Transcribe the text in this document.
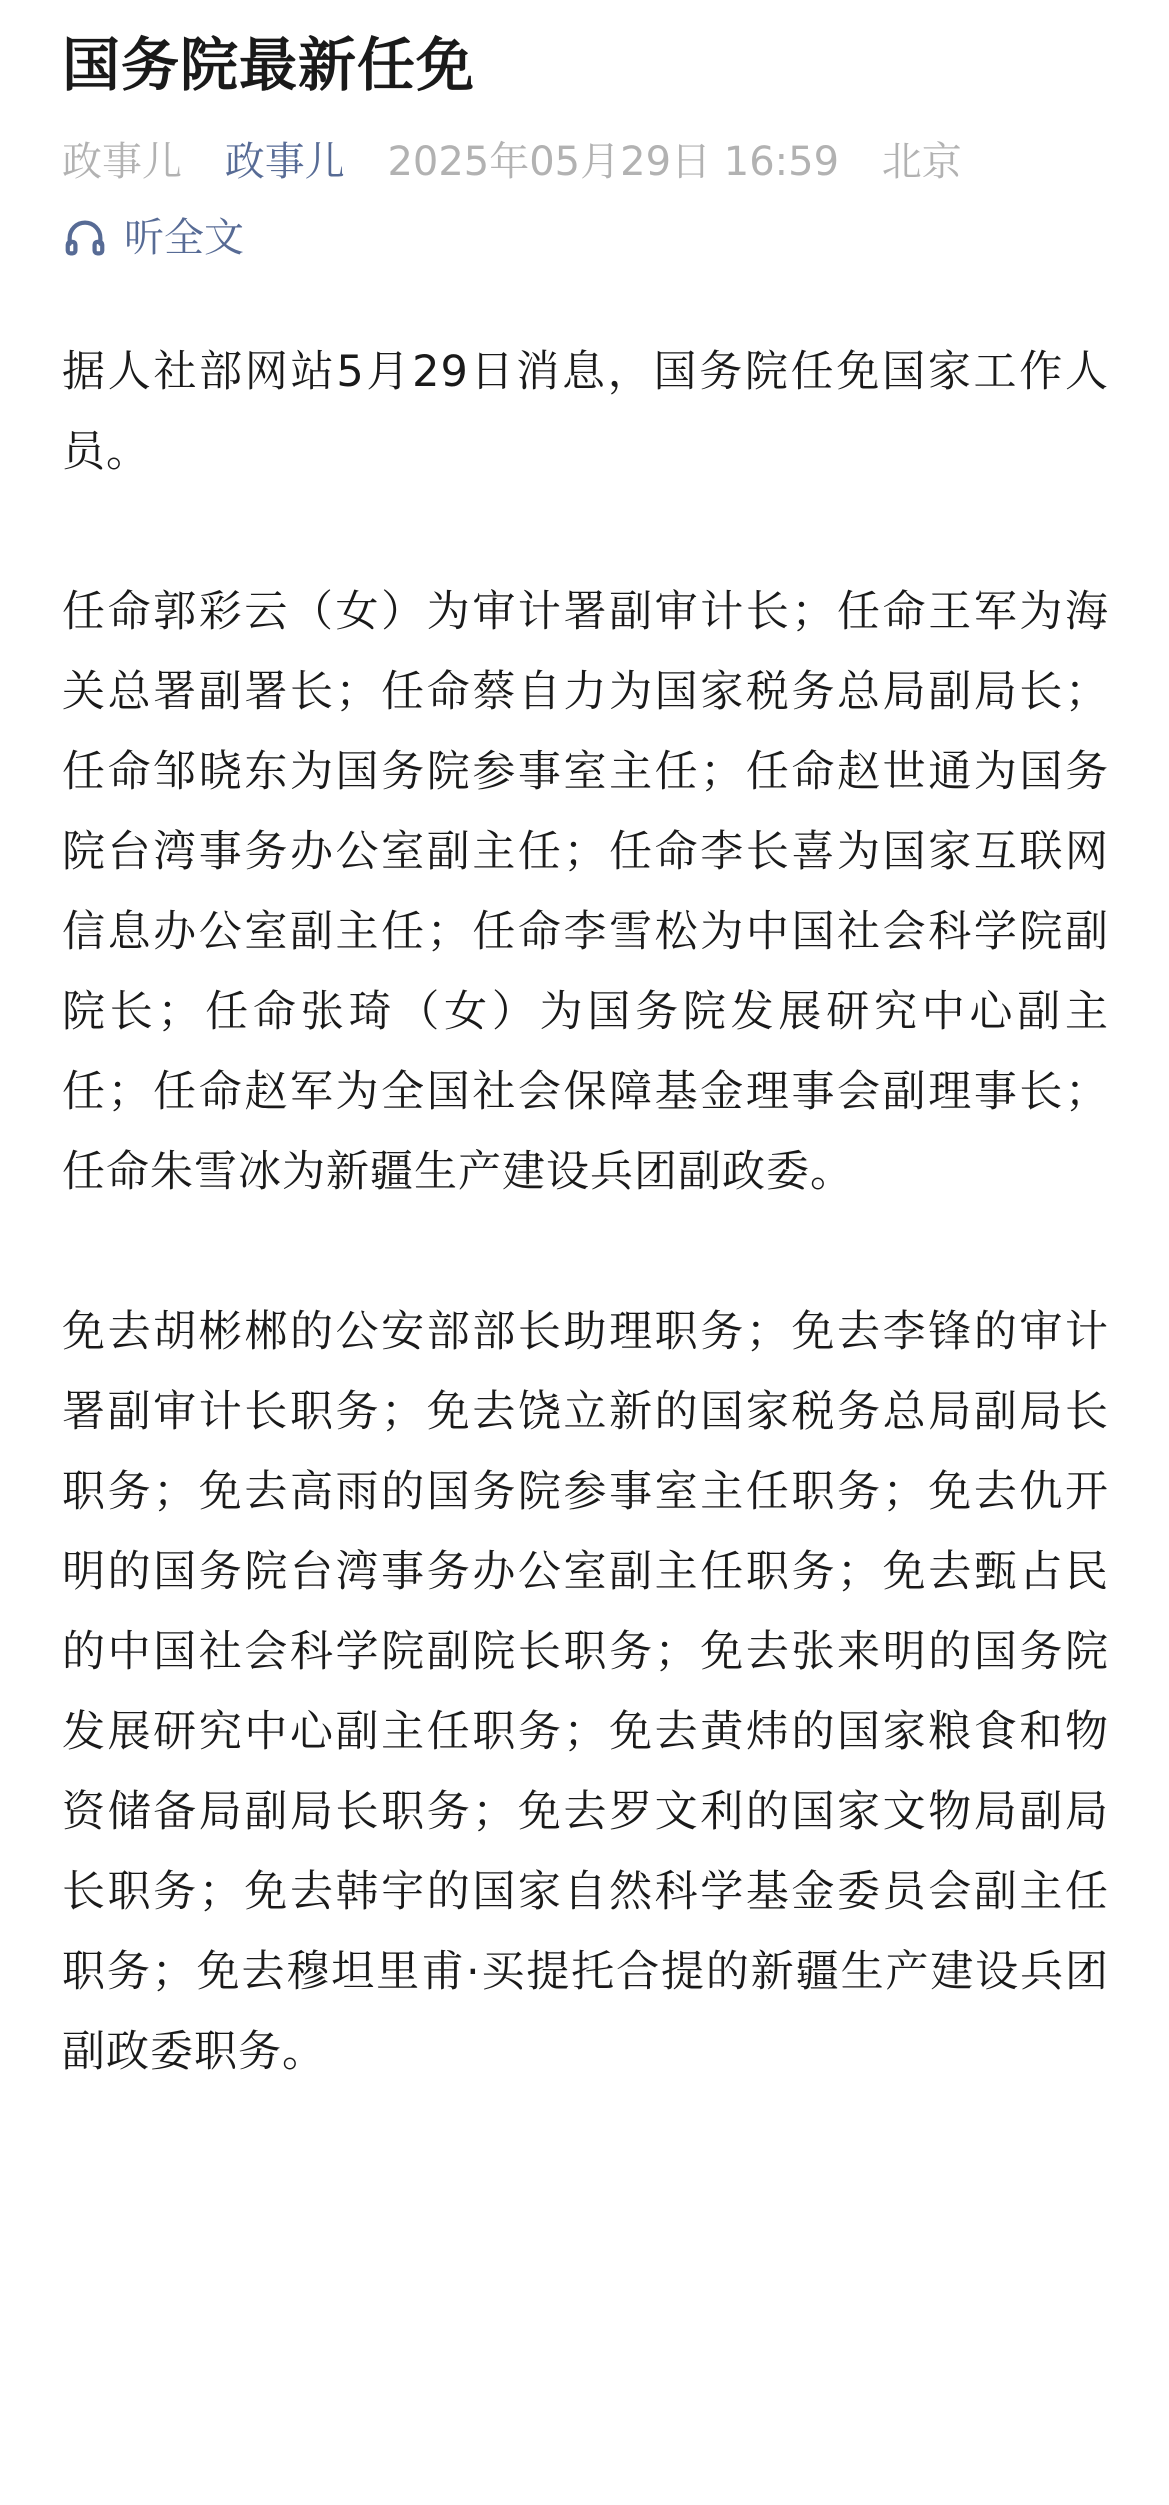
国务院最新任免
政事儿 政事儿 2025年05月29日 16:59 北京
听全文

据人社部网站5月29日消息，国务院任免国家工作人员。

任命郭彩云（女）为审计署副审计长；任命王军为海关总署副署长；任命蔡自力为国家税务总局副局长；任命邹晓东为国务院参事室主任；任命赵世通为国务院台湾事务办公室副主任；任命李长喜为国家互联网信息办公室副主任；任命李雪松为中国社会科学院副院长；任命张琦（女）为国务院发展研究中心副主任；任命赵军为全国社会保障基金理事会副理事长；任命朱雪冰为新疆生产建设兵团副政委。

免去胡彬郴的公安部部长助理职务；免去李锋的审计署副审计长职务；免去饶立新的国家税务总局副局长职务；免去高雨的国务院参事室主任职务；免去仇开明的国务院台湾事务办公室副主任职务；免去甄占民的中国社会科学院副院长职务；免去张来明的国务院发展研究中心副主任职务；免去黄炜的国家粮食和物资储备局副局长职务；免去罗文利的国家文物局副局长职务；免去韩宇的国家自然科学基金委员会副主任职务；免去穆坦里甫·买提托合提的新疆生产建设兵团副政委职务。
